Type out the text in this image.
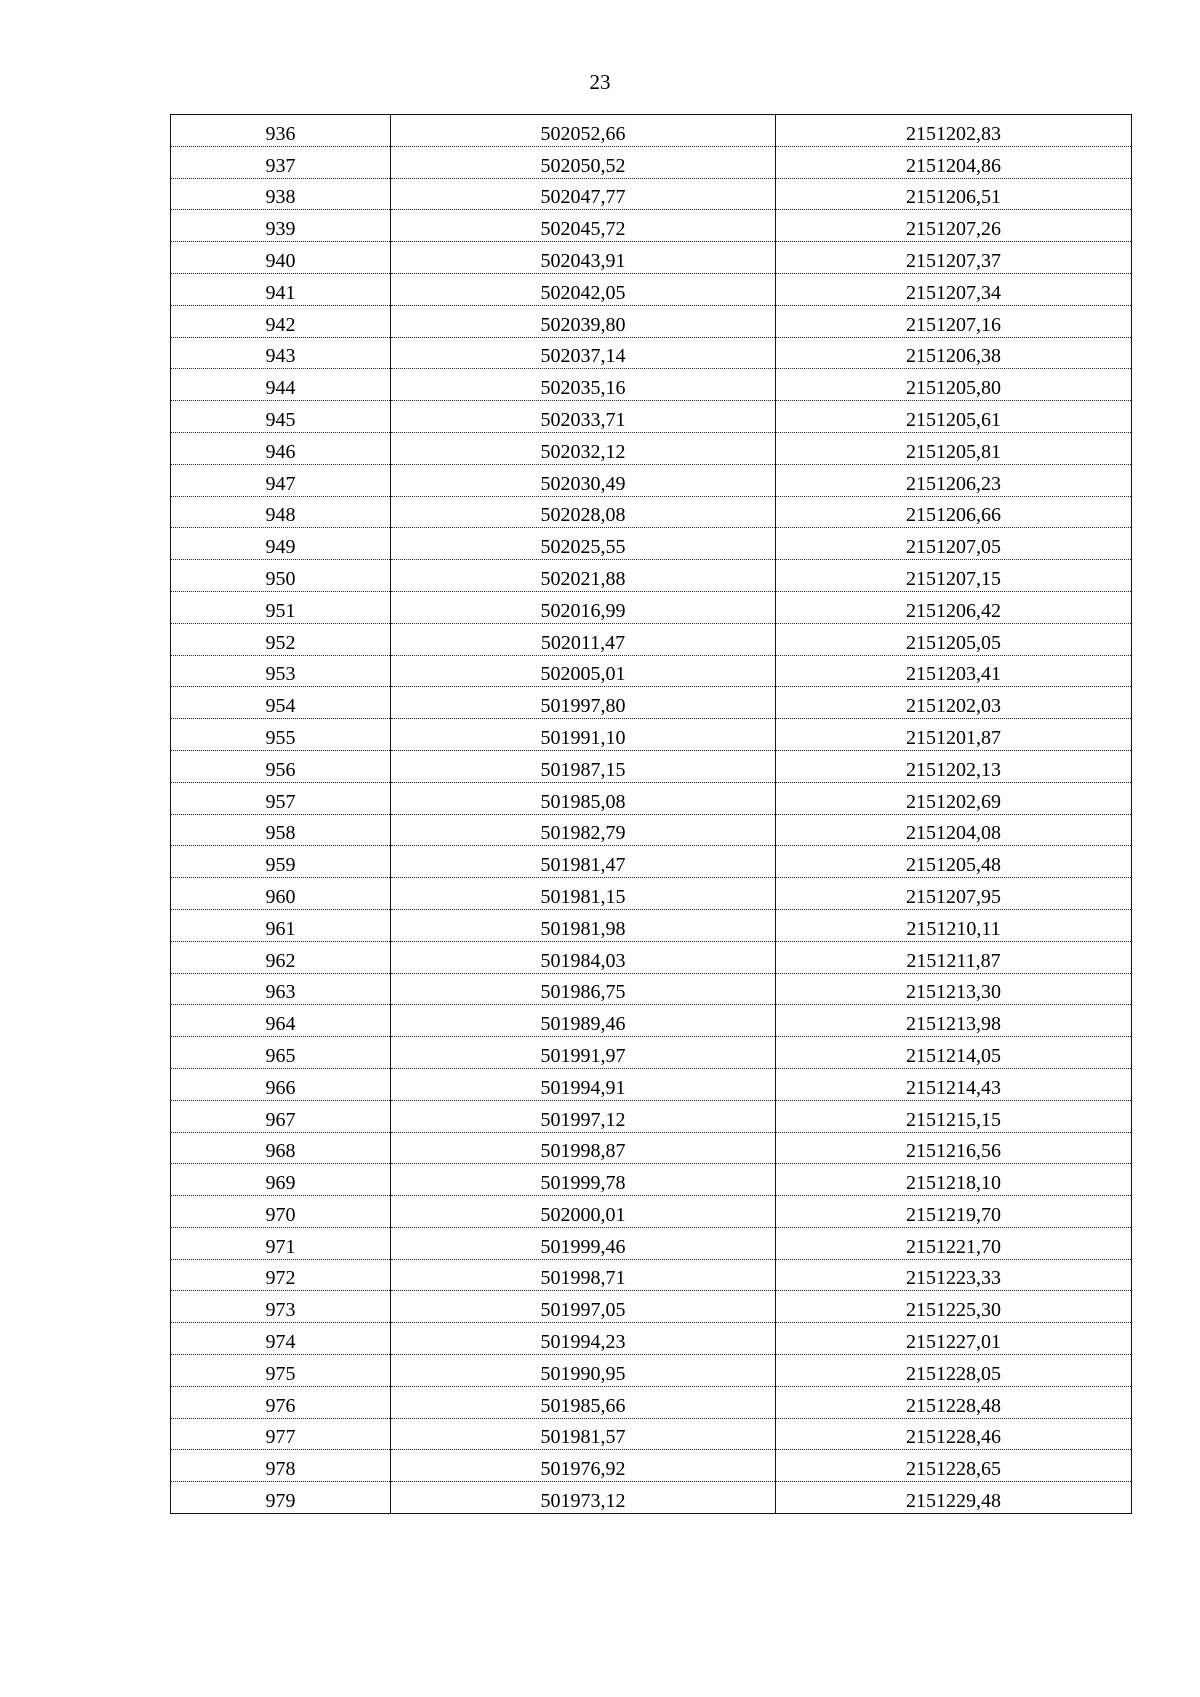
23
936	502052,66	2151202,83
937	502050,52	2151204,86
938	502047,77	2151206,51
939	502045,72	2151207,26
940	502043,91	2151207,37
941	502042,05	2151207,34
942	502039,80	2151207,16
943	502037,14	2151206,38
944	502035,16	2151205,80
945	502033,71	2151205,61
946	502032,12	2151205,81
947	502030,49	2151206,23
948	502028,08	2151206,66
949	502025,55	2151207,05
950	502021,88	2151207,15
951	502016,99	2151206,42
952	502011,47	2151205,05
953	502005,01	2151203,41
954	501997,80	2151202,03
955	501991,10	2151201,87
956	501987,15	2151202,13
957	501985,08	2151202,69
958	501982,79	2151204,08
959	501981,47	2151205,48
960	501981,15	2151207,95
961	501981,98	2151210,11
962	501984,03	2151211,87
963	501986,75	2151213,30
964	501989,46	2151213,98
965	501991,97	2151214,05
966	501994,91	2151214,43
967	501997,12	2151215,15
968	501998,87	2151216,56
969	501999,78	2151218,10
970	502000,01	2151219,70
971	501999,46	2151221,70
972	501998,71	2151223,33
973	501997,05	2151225,30
974	501994,23	2151227,01
975	501990,95	2151228,05
976	501985,66	2151228,48
977	501981,57	2151228,46
978	501976,92	2151228,65
979	501973,12	2151229,48
